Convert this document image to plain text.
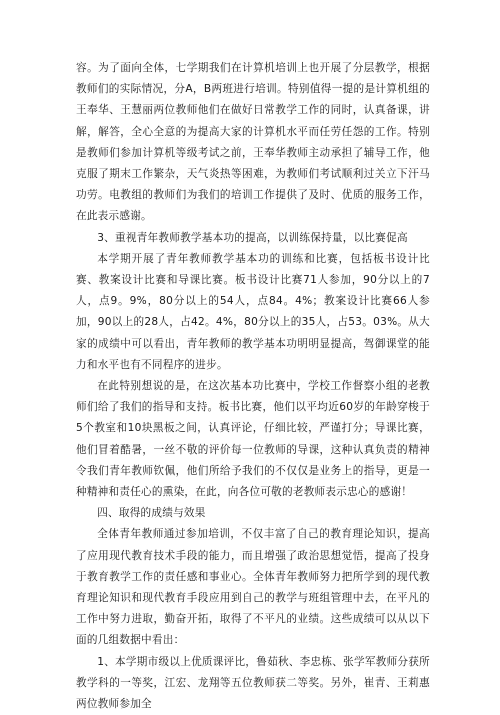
容。为了面向全体，七学期我们在计算机培训上也开展了分层教学，根据教师们的实际情况，分A，B两班进行培训。特别值得一提的是计算机组的王奉华、王慧丽两位教师他们在做好日常教学工作的同时，认真备课，讲解，解答，全心全意的为提高大家的计算机水平而任劳任怨的工作。特别是教师们参加计算机等级考试之前，王奉华教师主动承担了辅导工作，他克服了期末工作繁杂，天气炎热等困难，为教师们考试顺利过关立下汗马功劳。电教组的教师们为我们的培训工作提供了及时、优质的服务工作，在此表示感谢。

3、重视青年教师教学基本功的提高，以训练保持量，以比赛促高

本学期开展了青年教师教学基本功的训练和比赛，包括板书设计比赛、教案设计比赛和导课比赛。板书设计比赛71人参加，90分以上的7人，点9。9%，80分以上的54人，点84。4%；教案设计比赛66人参加，90以上的28人，占42。4%，80分以上的35人，占53。03%。从大家的成绩中可以看出，青年教师的教学基本功明明显提高，驾御课堂的能力和水平也有不同程序的进步。

在此特别想说的是，在这次基本功比赛中，学校工作督察小组的老教师们给了我们的指导和支持。板书比赛，他们以平均近60岁的年龄穿梭于5个教室和10块黑板之间，认真评论，仔细比较，严谨打分；导课比赛，他们冒着酷暑，一丝不敬的评价每一位教师的导课，这种认真负责的精神令我们青年教师钦佩，他们所给予我们的不仅仅是业务上的指导，更是一种精神和责任心的熏染，在此，向各位可敬的老教师表示忠心的感谢！

四、取得的成绩与效果

全体青年教师通过参加培训，不仅丰富了自己的教育理论知识，提高了应用现代教育技术手段的能力，而且增强了政治思想觉悟，提高了投身于教育教学工作的责任感和事业心。全体青年教师努力把所学到的现代教育理论知识和现代教育手段应用到自己的教学与班组管理中去，在平凡的工作中努力进取，勤奋开拓，取得了不平凡的业绩。这些成绩可以从以下面的几组数据中看出：

1、本学期市级以上优质课评比，鲁茹秋、李忠栋、张学军教师分获所教学科的一等奖，江宏、龙翔等五位教师获二等奖。另外，崔青、王莉惠两位教师参加全
